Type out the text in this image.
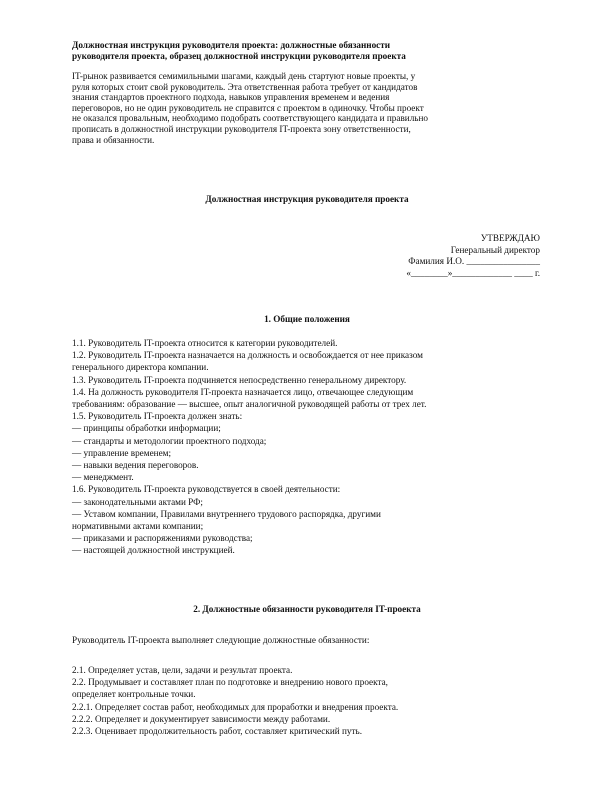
Должностная инструкция руководителя проекта: должностные обязанности
руководителя проекта, образец должностной инструкции руководителя проекта
IT-рынок развивается семимильными шагами, каждый день стартуют новые проекты, у
руля которых стоит свой руководитель. Эта ответственная работа требует от кандидатов
знания стандартов проектного подхода, навыков управления временем и ведения
переговоров, но не один руководитель не справится с проектом в одиночку. Чтобы проект
не оказался провальным, необходимо подобрать соответствующего кандидата и правильно
прописать в должностной инструкции руководителя IT-проекта зону ответственности,
права и обязанности.
Должностная инструкция руководителя проекта
УТВЕРЖДАЮ
Генеральный директор
Фамилия И.О. ________________
«________»_____________ ____ г.
1. Общие положения
1.1. Руководитель IT-проекта относится к категории руководителей.
1.2. Руководитель IT-проекта назначается на должность и освобождается от нее приказом
генерального директора компании.
1.3. Руководитель IT-проекта подчиняется непосредственно генеральному директору.
1.4. На должность руководителя IT-проекта назначается лицо, отвечающее следующим
требованиям: образование — высшее, опыт аналогичной руководящей работы от трех лет.
1.5. Руководитель IT-проекта должен знать:
— принципы обработки информации;
— стандарты и методологии проектного подхода;
— управление временем;
— навыки ведения переговоров.
— менеджмент.
1.6. Руководитель IT-проекта руководствуется в своей деятельности:
— законодательными актами РФ;
— Уставом компании, Правилами внутреннего трудового распорядка, другими
нормативными актами компании;
— приказами и распоряжениями руководства;
— настоящей должностной инструкцией.
2. Должностные обязанности руководителя IT-проекта
Руководитель IT-проекта выполняет следующие должностные обязанности:
2.1. Определяет устав, цели, задачи и результат проекта.
2.2. Продумывает и составляет план по подготовке и внедрению нового проекта,
определяет контрольные точки.
2.2.1. Определяет состав работ, необходимых для проработки и внедрения проекта.
2.2.2. Определяет и документирует зависимости между работами.
2.2.3. Оценивает продолжительность работ, составляет критический путь.
